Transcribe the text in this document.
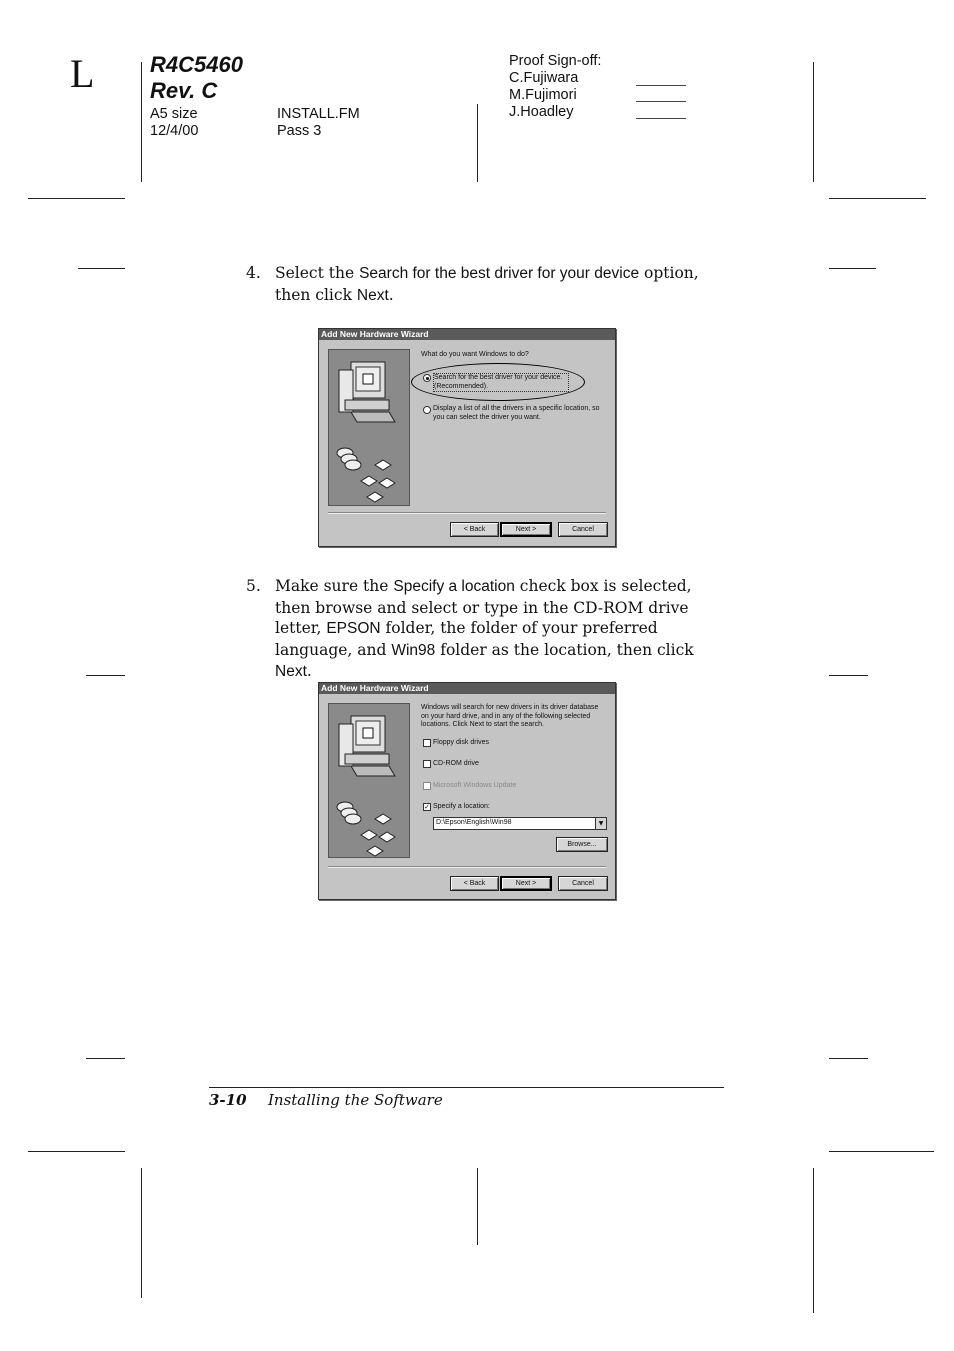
L	R4C5460
Rev. C
A5 size
12/4/00
INSTALL.FM
Pass 3
Proof Sign-off:
C.Fujiwara
M.Fujimori
J.Hoadley
4. Select the Search for the best driver for your device option, then click Next.
Add New Hardware Wizard
What do you want Windows to do?
Search for the best driver for your device. (Recommended).
Display a list of all the drivers in a specific location, so you can select the driver you want.
< Back	Next >	Cancel
5. Make sure the Specify a location check box is selected, then browse and select or type in the CD-ROM drive letter, EPSON folder, the folder of your preferred language, and Win98 folder as the location, then click Next.
Add New Hardware Wizard
Windows will search for new drivers in its driver database on your hard drive, and in any of the following selected locations. Click Next to start the search.
Floppy disk drives
CD-ROM drive
Microsoft Windows Update
✓ Specify a location:
D:\Epson\English\Win98	▼
Browse...
< Back	Next >	Cancel
3-10 Installing the Software
